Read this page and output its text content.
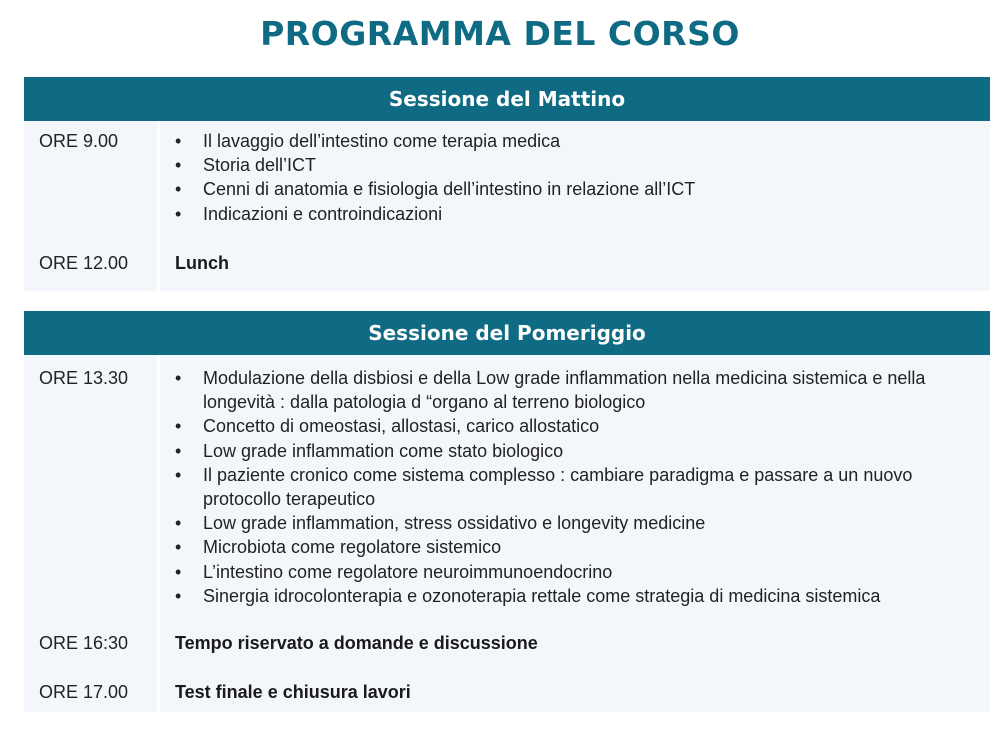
PROGRAMMA DEL CORSO
Sessione del Mattino
ORE 9.00	• Il lavaggio dell’intestino come terapia medica
• Storia dell’ICT
• Cenni di anatomia e fisiologia dell’intestino in relazione all’ICT
• Indicazioni e controindicazioni
ORE 12.00	Lunch
Sessione del Pomeriggio
ORE 13.30	• Modulazione della disbiosi e della Low grade inflammation nella medicina sistemica e nella longevità : dalla patologia d “organo al terreno biologico
• Concetto di omeostasi, allostasi, carico allostatico
• Low grade inflammation come stato biologico
• Il paziente cronico come sistema complesso : cambiare paradigma e passare a un nuovo protocollo terapeutico
• Low grade inflammation, stress ossidativo e longevity medicine
• Microbiota come regolatore sistemico
• L’intestino come regolatore neuroimmunoendocrino
• Sinergia idrocolonterapia e ozonoterapia rettale come strategia di medicina sistemica
ORE 16:30	Tempo riservato a domande e discussione
ORE 17.00	Test finale e chiusura lavori
